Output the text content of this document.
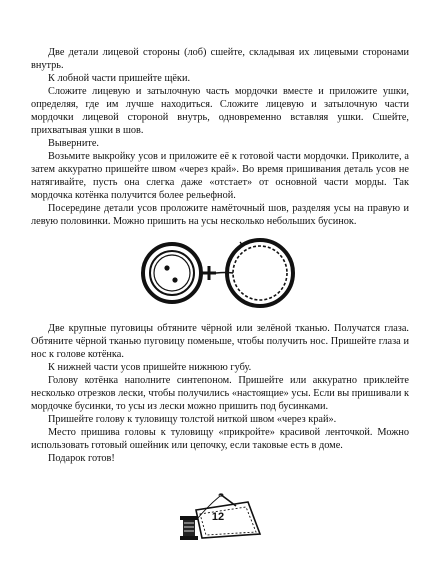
Две детали лицевой стороны (лоб) сшейте, складывая их лицевыми сторонами внутрь.

К лобной части пришейте щёки.

Сложите лицевую и затылочную часть мордочки вместе и приложите ушки, определяя, где им лучше находиться. Сложите лицевую и затылочную части мордочки лицевой стороной внутрь, одновременно вставляя ушки. Сшейте, прихватывая ушки в шов.

Выверните.

Возьмите выкройку усов и приложите её к готовой части мордочки. Приколите, а затем аккуратно пришейте швом «через край». Во время пришивания деталь усов не натягивайте, пусть она слегка даже «отстает» от основной части морды. Так мордочка котёнка получится более рельефной.

Посередине детали усов проложите намёточный шов, разделяя усы на правую и левую половинки. Можно пришить на усы несколько небольших бусинок.

Две крупные пуговицы обтяните чёрной или зелёной тканью. Получатся глаза. Обтяните чёрной тканью пуговицу поменьше, чтобы получить нос. Пришейте глаза и нос к голове котёнка.

К нижней части усов пришейте нижнюю губу.

Голову котёнка наполните синтепоном. Пришейте или аккуратно приклейте несколько отрезков лески, чтобы получились «настоящие» усы. Если вы пришивали к мордочке бусинки, то усы из лески можно пришить под бусинками.

Пришейте голову к туловищу толстой ниткой швом «через край».

Место пришива головы к туловищу «прикройте» красивой ленточкой. Можно использовать готовый ошейник или цепочку, если таковые есть в доме.

Подарок готов!

12
